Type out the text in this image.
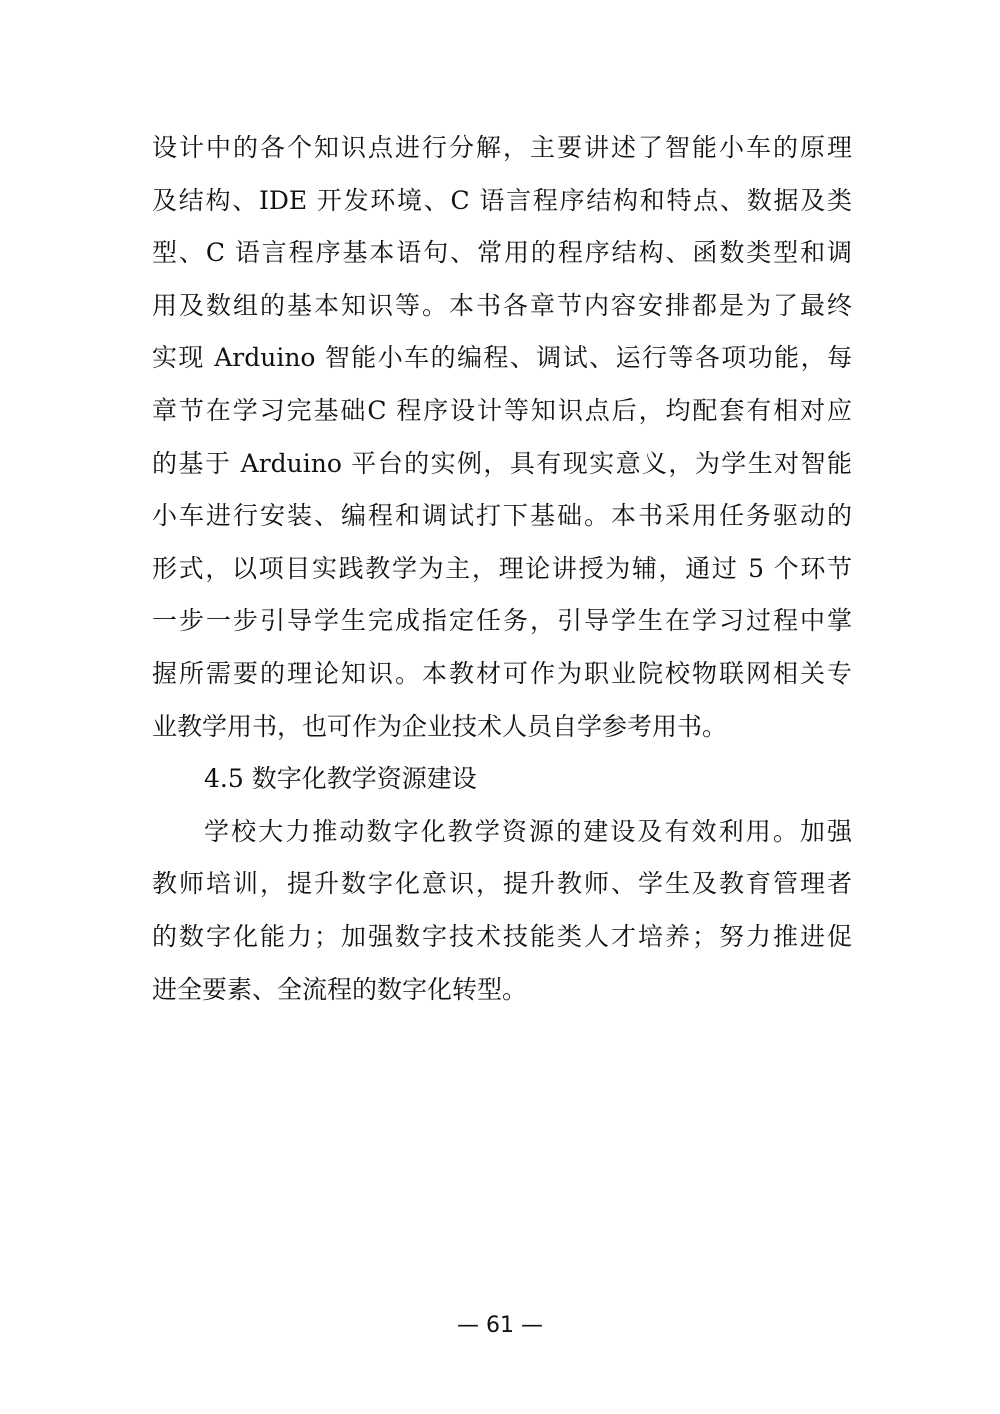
设计中的各个知识点进行分解，主要讲述了智能小车的原理
及结构、IDE 开发环境、C 语言程序结构和特点、数据及类
型、C 语言程序基本语句、常用的程序结构、函数类型和调
用及数组的基本知识等。本书各章节内容安排都是为了最终
实现 Arduino 智能小车的编程、调试、运行等各项功能，每
章节在学习完基础C 程序设计等知识点后，均配套有相对应
的基于 Arduino 平台的实例，具有现实意义，为学生对智能
小车进行安装、编程和调试打下基础。本书采用任务驱动的
形式，以项目实践教学为主，理论讲授为辅，通过 5 个环节
一步一步引导学生完成指定任务，引导学生在学习过程中掌
握所需要的理论知识。本教材可作为职业院校物联网相关专
业教学用书，也可作为企业技术人员自学参考用书。
4.5 数字化教学资源建设
学校大力推动数字化教学资源的建设及有效利用。加强
教师培训，提升数字化意识，提升教师、学生及教育管理者
的数字化能力；加强数字技术技能类人才培养；努力推进促
进全要素、全流程的数字化转型。
— 61 —
